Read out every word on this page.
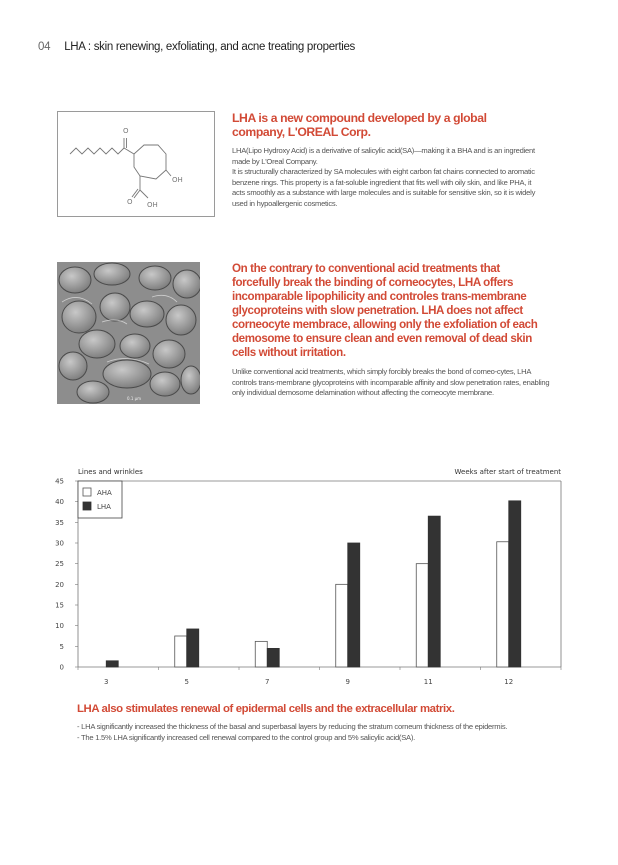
04 LHA : skin renewing, exfoliating, and acne treating properties
O
OH
O OH
LHA is a new compound developed by a global company, L'OREAL Corp.
LHA(Lipo Hydroxy Acid) is a derivative of salicylic acid(SA)—making it a BHA and is an ingredient made by L'Oreal Company.
It is structurally characterized by SA molecules with eight carbon fat chains connected to aromatic benzene rings. This property is a fat-soluble ingredient that fits well with oily skin, and like PHA, it acts smoothly as a substance with large molecules and is suitable for sensitive skin, so it is widely used in hypoallergenic cosmetics.
0.1 µm
On the contrary to conventional acid treatments that forcefully break the binding of corneocytes, LHA offers incomparable lipophilicity and controles trans-membrane glycoproteins with slow penetration. LHA does not affect corneocyte membrace, allowing only the exfoliation of each demosome to ensure clean and even removal of dead skin cells without irritation.
Unlike conventional acid treatments, which simply forcibly breaks the bond of corneo-cytes, LHA controls trans-membrane glycoproteins with incomparable affinity and slow penetration rates, enabling only individual demosome delamination without affecting the corneocyte membrane.
Lines and wrinkles	Weeks after start of treatment
0
5
10
15
20
25
30
35
40
45
3	5	7	9	11	12
AHA
LHA
LHA also stimulates renewal of epidermal cells and the extracellular matrix.
- LHA significantly increased the thickness of the basal and superbasal layers by reducing the stratum corneum thickness of the epidermis.
- The 1.5% LHA significantly increased cell renewal compared to the control group and 5% salicylic acid(SA).
